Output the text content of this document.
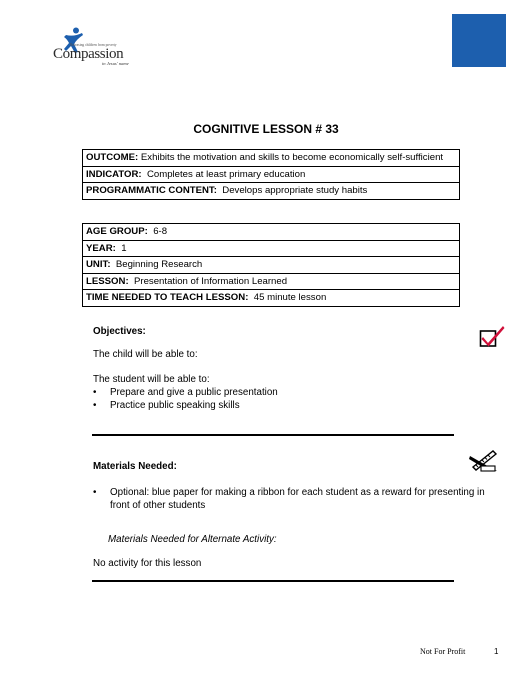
Releasing children from poverty
Compassion
in Jesus' name
COGNITIVE LESSON # 33
OUTCOME: Exhibits the motivation and skills to become economically self-sufficient
INDICATOR: Completes at least primary education
PROGRAMMATIC CONTENT: Develops appropriate study habits
AGE GROUP: 6-8
YEAR: 1
UNIT: Beginning Research
LESSON: Presentation of Information Learned
TIME NEEDED TO TEACH LESSON: 45 minute lesson
Objectives:
The child will be able to:
The student will be able to:
• Prepare and give a public presentation
• Practice public speaking skills
Materials Needed:
• Optional: blue paper for making a ribbon for each student as a reward for presenting in front of other students
Materials Needed for Alternate Activity:
No activity for this lesson
Not For Profit	1
